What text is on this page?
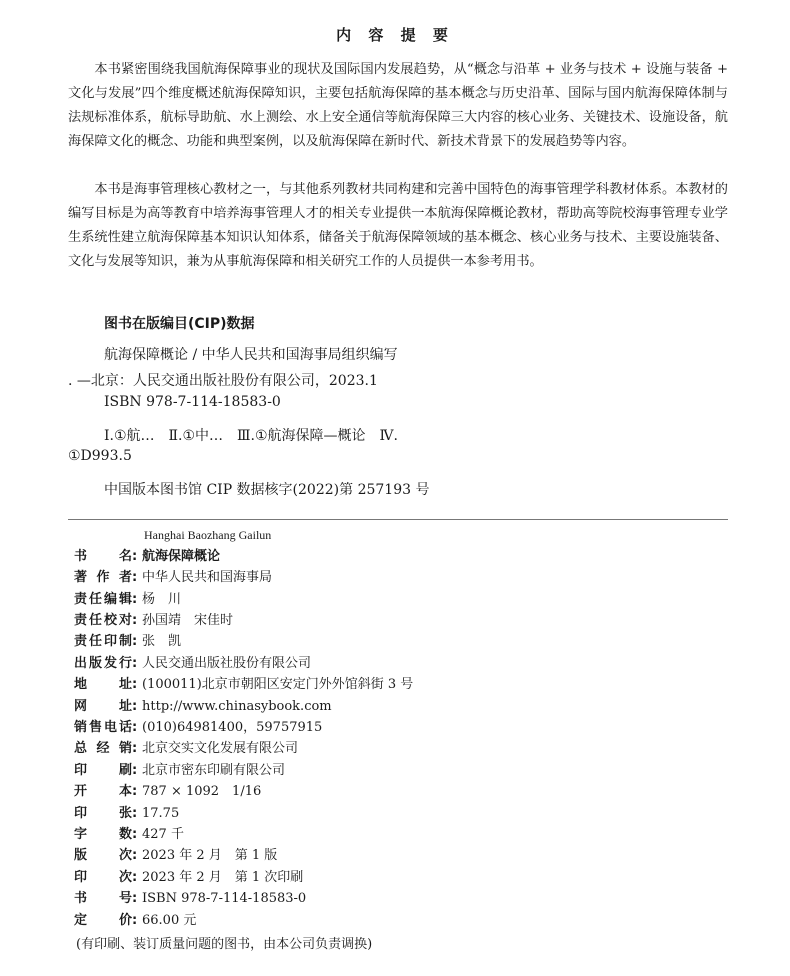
内 容 提 要

本书紧密围绕我国航海保障事业的现状及国际国内发展趋势，从“概念与沿革 + 业务与技术 + 设施与装备 + 文化与发展”四个维度概述航海保障知识，主要包括航海保障的基本概念与历史沿革、国际与国内航海保障体制与法规标准体系，航标导助航、水上测绘、水上安全通信等航海保障三大内容的核心业务、关键技术、设施设备，航海保障文化的概念、功能和典型案例，以及航海保障在新时代、新技术背景下的发展趋势等内容。

本书是海事管理核心教材之一，与其他系列教材共同构建和完善中国特色的海事管理学科教材体系。本教材的编写目标是为高等教育中培养海事管理人才的相关专业提供一本航海保障概论教材，帮助高等院校海事管理专业学生系统性建立航海保障基本知识认知体系，储备关于航海保障领域的基本概念、核心业务与技术、主要设施装备、文化与发展等知识，兼为从事航海保障和相关研究工作的人员提供一本参考用书。

图书在版编目(CIP)数据
航海保障概论 / 中华人民共和国海事局组织编写
. —北京：人民交通出版社股份有限公司，2023.1
ISBN 978-7-114-18583-0
Ⅰ.①航…　Ⅱ.①中…　Ⅲ.①航海保障—概论　Ⅳ.
①D993.5
中国版本图书馆 CIP 数据核字(2022)第 257193 号
Hanghai Baozhang Gailun
书名: 航海保障概论
著作者: 中华人民共和国海事局
责任编辑: 杨　川
责任校对: 孙国靖　宋佳时
责任印制: 张　凯
出版发行: 人民交通出版社股份有限公司
地址: (100011)北京市朝阳区安定门外外馆斜街 3 号
网址: http://www.chinasybook.com
销售电话: (010)64981400，59757915
总经销: 北京交实文化发展有限公司
印刷: 北京市密东印刷有限公司
开本: 787 × 1092　1/16
印张: 17.75
字数: 427 千
版次: 2023 年 2 月　第 1 版
印次: 2023 年 2 月　第 1 次印刷
书号: ISBN 978-7-114-18583-0
定价: 66.00 元
(有印刷、装订质量问题的图书，由本公司负责调换)
